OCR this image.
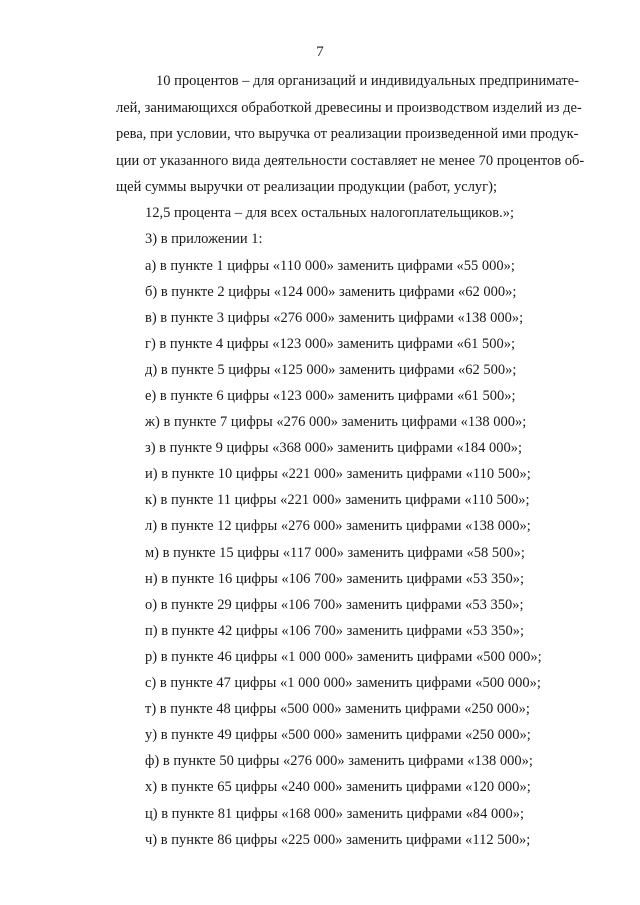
7
10 процентов – для организаций и индивидуальных предпринимате-
лей, занимающихся обработкой древесины и производством изделий из де-
рева, при условии, что выручка от реализации произведенной ими продук-
ции от указанного вида деятельности составляет не менее 70 процентов об-
щей суммы выручки от реализации продукции (работ, услуг);
12,5 процента – для всех остальных налогоплательщиков.»;
3) в приложении 1:
а) в пункте 1 цифры «110 000» заменить цифрами «55 000»;
б) в пункте 2 цифры «124 000» заменить цифрами «62 000»;
в) в пункте 3 цифры «276 000» заменить цифрами «138 000»;
г) в пункте 4 цифры «123 000» заменить цифрами «61 500»;
д) в пункте 5 цифры «125 000» заменить цифрами «62 500»;
е) в пункте 6 цифры «123 000» заменить цифрами «61 500»;
ж) в пункте 7 цифры «276 000» заменить цифрами «138 000»;
з) в пункте 9 цифры «368 000» заменить цифрами «184 000»;
и) в пункте 10 цифры «221 000» заменить цифрами «110 500»;
к) в пункте 11 цифры «221 000» заменить цифрами «110 500»;
л) в пункте 12 цифры «276 000» заменить цифрами «138 000»;
м) в пункте 15 цифры «117 000» заменить цифрами «58 500»;
н) в пункте 16 цифры «106 700» заменить цифрами «53 350»;
о) в пункте 29 цифры «106 700» заменить цифрами «53 350»;
п) в пункте 42 цифры «106 700» заменить цифрами «53 350»;
р) в пункте 46 цифры «1 000 000» заменить цифрами «500 000»;
с) в пункте 47 цифры «1 000 000» заменить цифрами «500 000»;
т) в пункте 48 цифры «500 000» заменить цифрами «250 000»;
у) в пункте 49 цифры «500 000» заменить цифрами «250 000»;
ф) в пункте 50 цифры «276 000» заменить цифрами «138 000»;
х) в пункте 65 цифры «240 000» заменить цифрами «120 000»;
ц) в пункте 81 цифры «168 000» заменить цифрами «84 000»;
ч) в пункте 86 цифры «225 000» заменить цифрами «112 500»;
